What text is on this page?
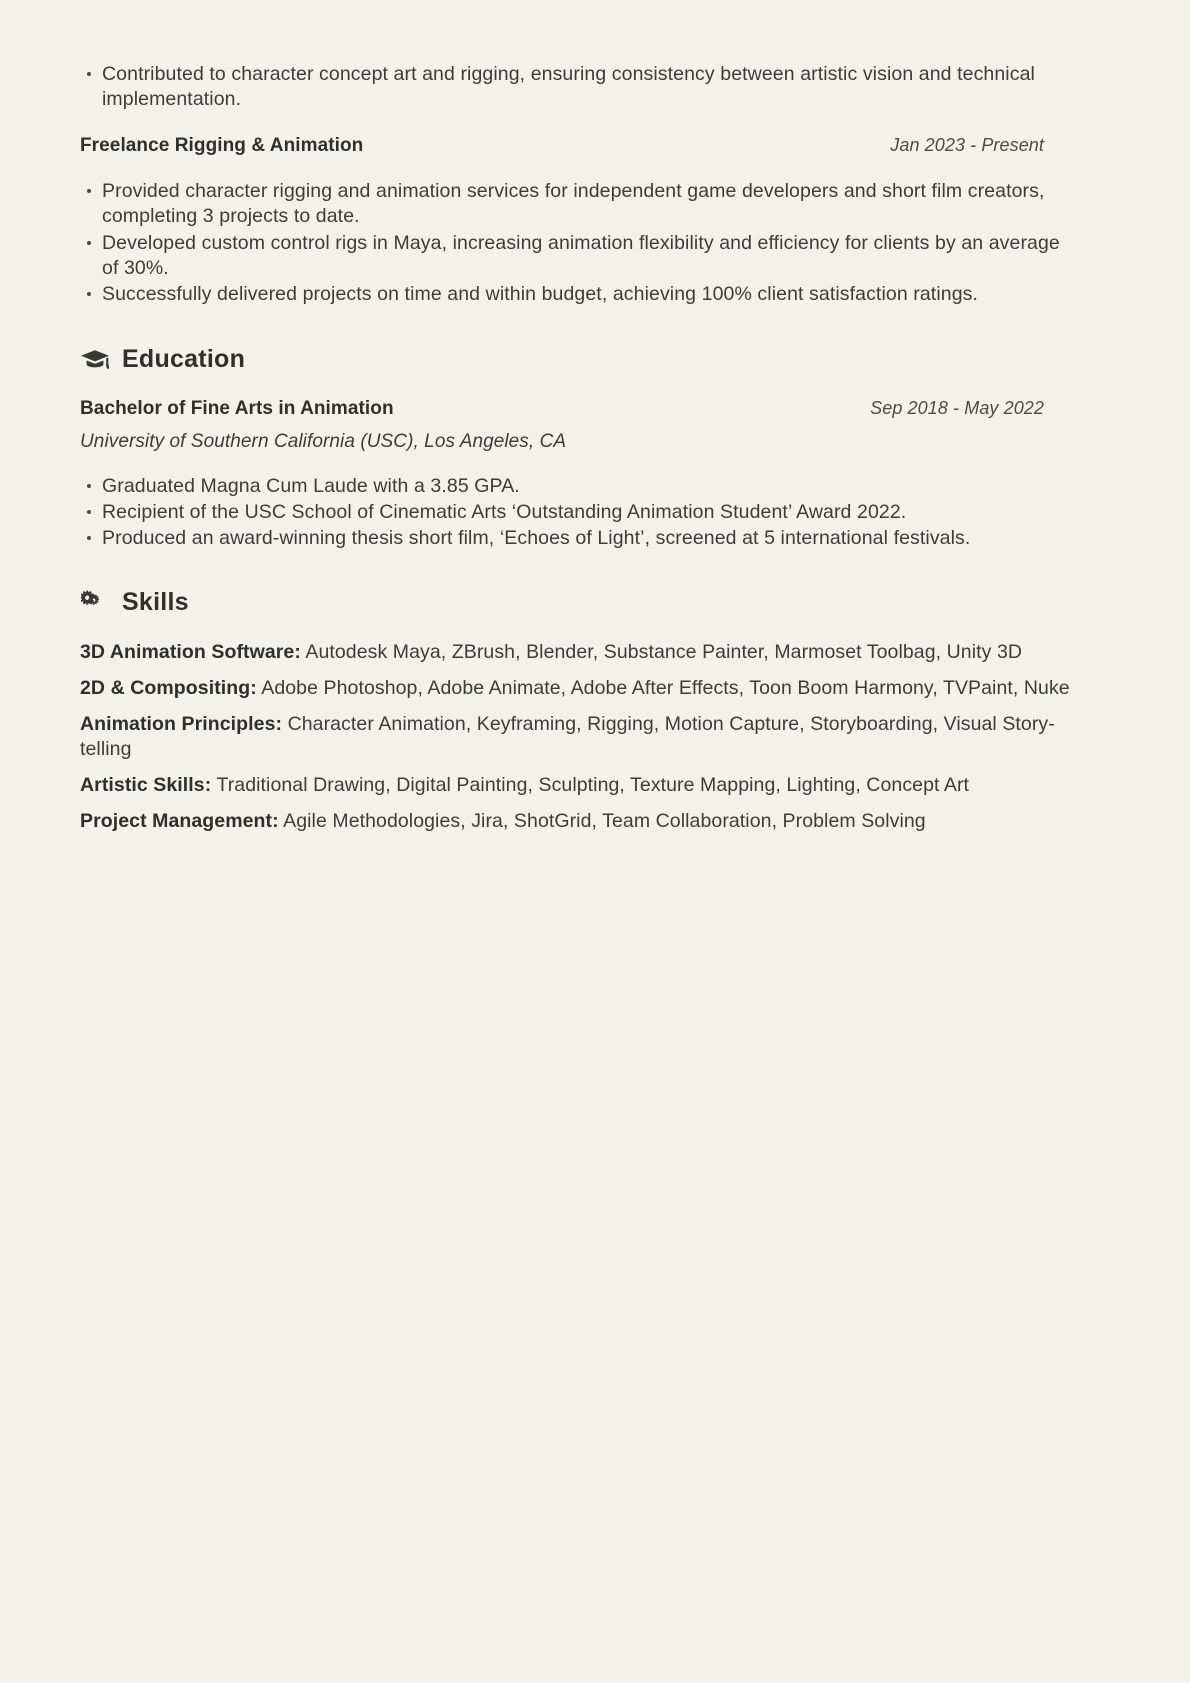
Contributed to character concept art and rigging, ensuring consistency between artistic vision and technical implementation.
Freelance Rigging & Animation	Jan 2023 - Present
Provided character rigging and animation services for independent game developers and short film creators, completing 3 projects to date.
Developed custom control rigs in Maya, increasing animation flexibility and efficiency for clients by an average of 30%.
Successfully delivered projects on time and within budget, achieving 100% client satisfaction ratings.
Education
Bachelor of Fine Arts in Animation	Sep 2018 - May 2022
University of Southern California (USC), Los Angeles, CA
Graduated Magna Cum Laude with a 3.85 GPA.
Recipient of the USC School of Cinematic Arts ‘Outstanding Animation Student’ Award 2022.
Produced an award-winning thesis short film, ‘Echoes of Light’, screened at 5 international festivals.
Skills
3D Animation Software: Autodesk Maya, ZBrush, Blender, Substance Painter, Marmoset Toolbag, Unity 3D
2D & Compositing: Adobe Photoshop, Adobe Animate, Adobe After Effects, Toon Boom Harmony, TVPaint, Nuke
Animation Principles: Character Animation, Keyframing, Rigging, Motion Capture, Storyboarding, Visual Story-telling
Artistic Skills: Traditional Drawing, Digital Painting, Sculpting, Texture Mapping, Lighting, Concept Art
Project Management: Agile Methodologies, Jira, ShotGrid, Team Collaboration, Problem Solving
